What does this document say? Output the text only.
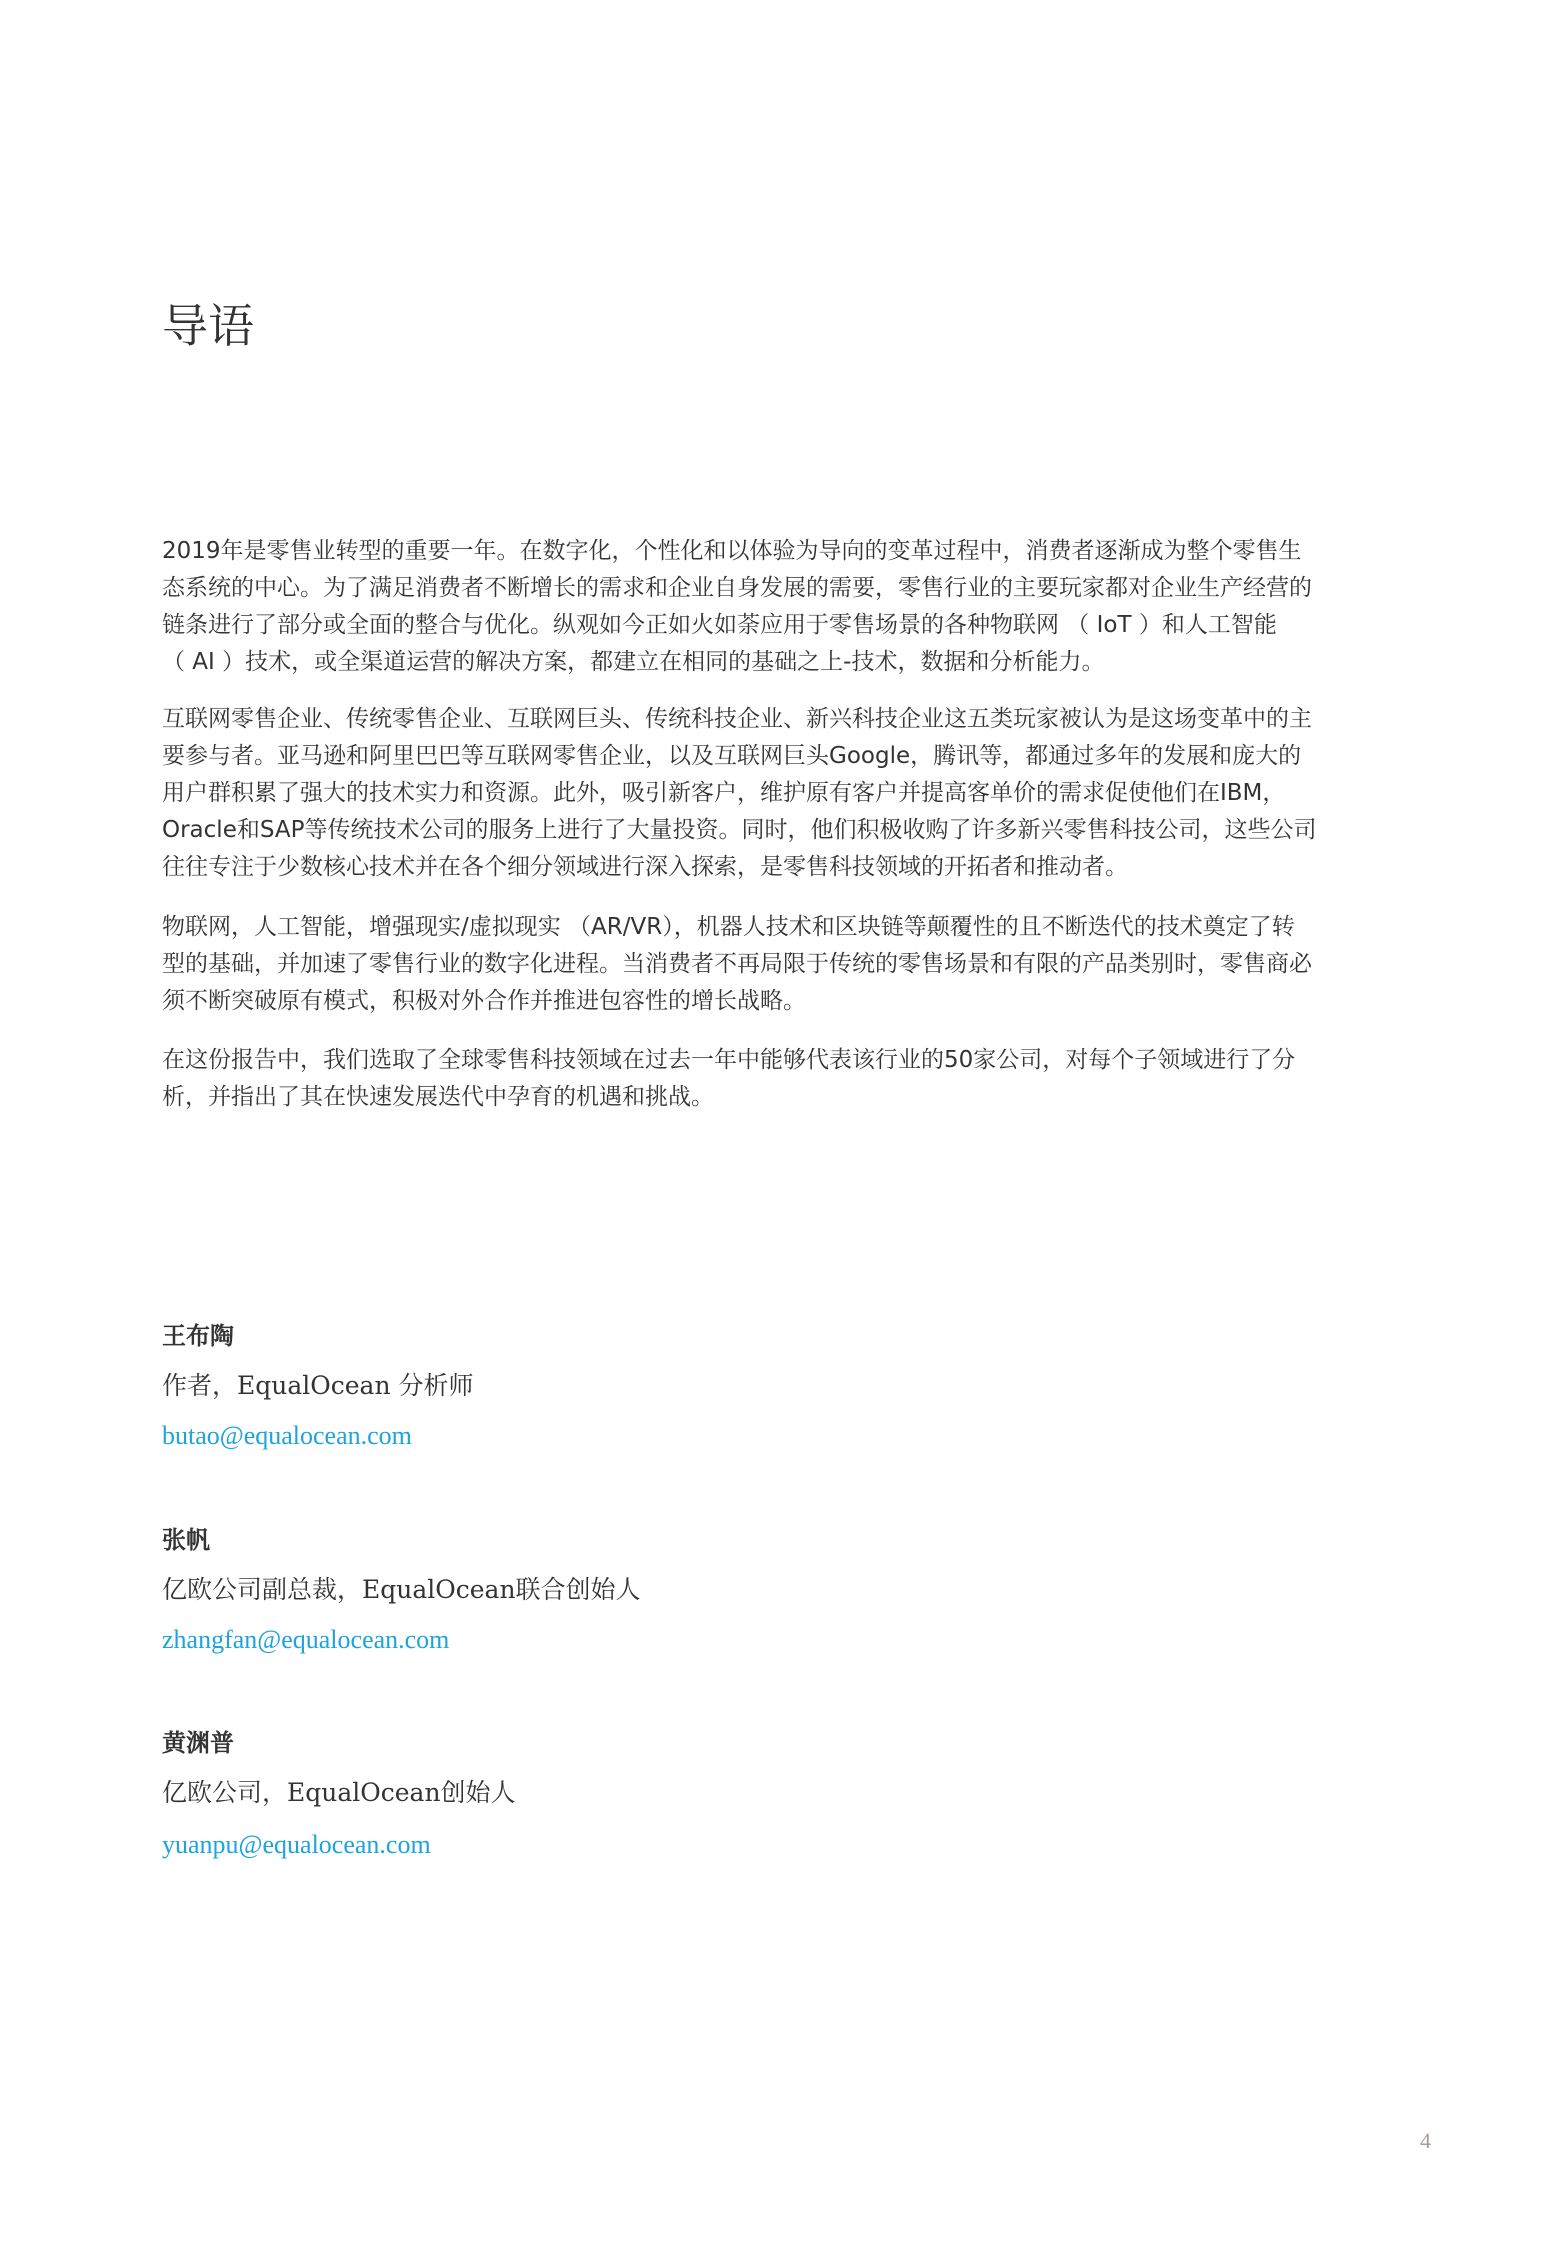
导语
2019年是零售业转型的重要一年。在数字化，个性化和以体验为导向的变革过程中，消费者逐渐成为整个零售生
态系统的中心。为了满足消费者不断增长的需求和企业自身发展的需要，零售行业的主要玩家都对企业生产经营的
链条进行了部分或全面的整合与优化。纵观如今正如火如荼应用于零售场景的各种物联网 （ IoT ）和人工智能
（ AI ）技术，或全渠道运营的解决方案，都建立在相同的基础之上-技术，数据和分析能力。
互联网零售企业、传统零售企业、互联网巨头、传统科技企业、新兴科技企业这五类玩家被认为是这场变革中的主
要参与者。亚马逊和阿里巴巴等互联网零售企业，以及互联网巨头Google，腾讯等，都通过多年的发展和庞大的
用户群积累了强大的技术实力和资源。此外，吸引新客户，维护原有客户并提高客单价的需求促使他们在IBM，
Oracle和SAP等传统技术公司的服务上进行了大量投资。同时，他们积极收购了许多新兴零售科技公司，这些公司
往往专注于少数核心技术并在各个细分领域进行深入探索，是零售科技领域的开拓者和推动者。
物联网，人工智能，增强现实/虚拟现实 （AR/VR），机器人技术和区块链等颠覆性的且不断迭代的技术奠定了转
型的基础，并加速了零售行业的数字化进程。当消费者不再局限于传统的零售场景和有限的产品类别时，零售商必
须不断突破原有模式，积极对外合作并推进包容性的增长战略。
在这份报告中，我们选取了全球零售科技领域在过去一年中能够代表该行业的50家公司，对每个子领域进行了分
析，并指出了其在快速发展迭代中孕育的机遇和挑战。
王布陶
作者，EqualOcean 分析师
butao@equalocean.com
张帆
亿欧公司副总裁，EqualOcean联合创始人
zhangfan@equalocean.com
黄渊普
亿欧公司，EqualOcean创始人
yuanpu@equalocean.com
4
